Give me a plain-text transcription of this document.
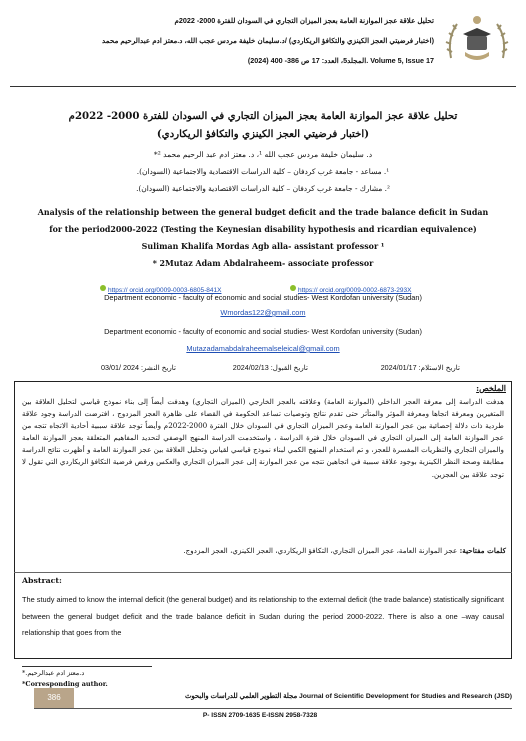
تحليل علاقة عجز الموازنة العامة بعجز الميزان التجاري في السودان للفترة 2000- 2022م
(اختبار فرضيتي العجز الكينزي والتكافؤ الريكاردي) /د.سليمان خليفة مردس عجب الله، د.معتز ادم عبدالرحيم محمد
المجلد5، العدد: 17 ص 386- 400 (2024). Volume 5, Issue 17
تحليل علاقة عجز الموازنة العامة بعجز الميزان التجاري في السودان للفترة 2000- 2022م
(اختبار فرضيتي العجز الكينزي والتكافؤ الريكاردي)
د. سليمان خليفة مردس عجب الله ¹، د. معتز ادم عبد الرحيم محمد ²*
¹. مساعد - جامعة غرب كردفان – كلية الدراسات الاقتصادية والاجتماعية (السودان).
². مشارك - جامعة غرب كردفان – كلية الدراسات الاقتصادية والاجتماعية (السودان).
Analysis of the relationship between the general budget deficit and the trade balance deficit in Sudan
for the period2000-2022 (Testing the Keynesian disability hypothesis and ricardian equivalence)
Suliman Khalifa Mordas Agb alla- assistant professor ¹
* 2Mutaz Adam Abdalraheem- associate professor
https:// orcid.org/0009-0003-6805-841X	https:// orcid.org/0009-0002-6873-293X
Department economic - faculty of economic and social studies- West Kordofan university (Sudan)
Wmordas122@gmail.com
Department economic - faculty of economic and social studies- West Kordofan university (Sudan)
Mutazadamabdalraheemalseleical@gmail.com
تاريخ الاستلام: 2024/01/17
تاريخ القبول: 2024/02/13
تاريخ النشر: 2024 /03/01
الملخص:
هدفت الدراسة إلى معرفة العجز الداخلي (الموازنة العامة) وعلاقته بالعجز الخارجي (الميزان التجاري) وهدفت أيضاً إلى بناء نموذج قياسي لتحليل العلاقة بين المتغيرين ومعرفة اتجاها ومعرفة المؤثر والمتأثر حتى تقدم نتائج وتوصيات تساعد الحكومة في القضاء على ظاهرة العجز المزدوج ، افترضت الدراسة وجود علاقة طردية ذات دلالة إحصائية بين عجز الموازنة العامة وعجز الميزان التجاري في السودان خلال الفترة 2000-2022م وأيضاً توجد علاقة سببية أحادية الاتجاه تتجه من عجز الموازنة العامة إلى الميزان التجاري في السودان خلال فترة الدراسة ، واستخدمت الدراسة المنهج الوصفي لتحديد المفاهيم المتعلقة بعجز الموازنة العامة والميزان التجاري والنظريات المفسرة للعجز، و تم استخدام المنهج الكمي لبناء نموذج قياسي لقياس وتحليل العلاقة بين عجز الموازنة العامة و أظهرت نتائج الدراسة مطابقة وصحة النظر الكينزية بوجود علاقة سببية في اتجاهين تتجه من عجز الموازنة إلى عجز الميزان التجاري والعكس ورفض فرضية التكافؤ الريكاردي التي تقول لا توجد علاقة بين العجزين.
كلمات مفتاحية: عجز الموازنة العامة، عجز الميزان التجاري، التكافؤ الريكاردي، العجز الكينزي، العجز المزدوج.
Abstract:
The study aimed to know the internal deficit (the general budget) and its relationship to the external deficit (the trade balance) statistically significant between the general budget deficit and the trade balance deficit in Sudan during the period 2000-2022. There is also a one –way causal relationship that goes from the
د.معتز ادم عبدالرحيم.*
*Corresponding author.
386	مجلة التطوير العلمي للدراسات والبحوث Journal of Scientific Development for Studies and Research (JSD)
P- ISSN 2709-1635 E-ISSN 2958-7328
